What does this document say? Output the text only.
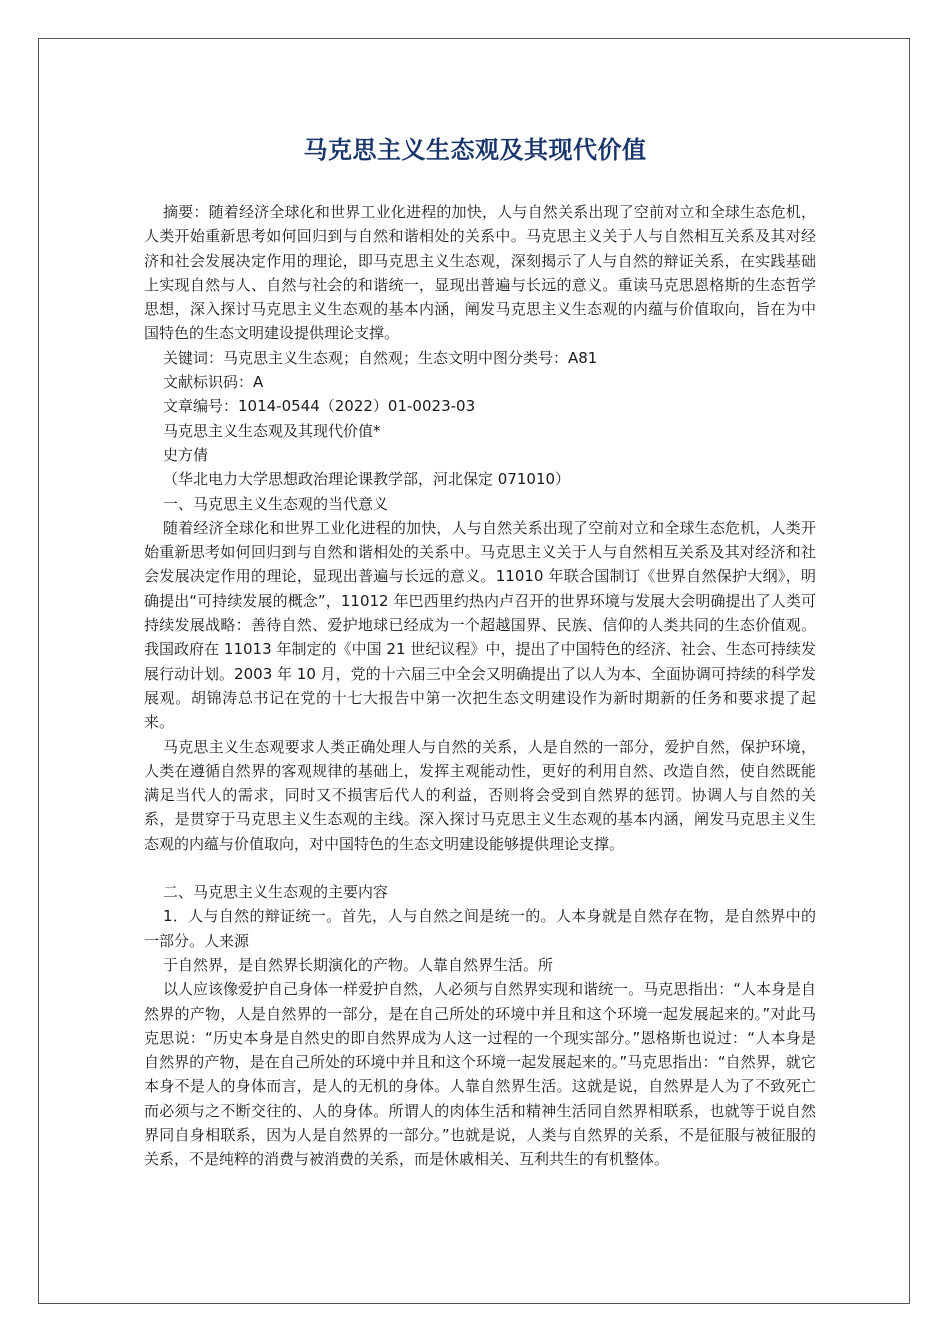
马克思主义生态观及其现代价值

摘要：随着经济全球化和世界工业化进程的加快，人与自然关系出现了空前对立和全球生态危机，人类开始重新思考如何回归到与自然和谐相处的关系中。马克思主义关于人与自然相互关系及其对经济和社会发展决定作用的理论，即马克思主义生态观，深刻揭示了人与自然的辩证关系，在实践基础上实现自然与人、自然与社会的和谐统一，显现出普遍与长远的意义。重读马克思恩格斯的生态哲学思想，深入探讨马克思主义生态观的基本内涵，阐发马克思主义生态观的内蕴与价值取向，旨在为中国特色的生态文明建设提供理论支撑。

关键词：马克思主义生态观；自然观；生态文明中图分类号：A81

文献标识码：A

文章编号：1014-0544（2022）01-0023-03

马克思主义生态观及其现代价值*

史方倩

（华北电力大学思想政治理论课教学部，河北保定 071010）

一、马克思主义生态观的当代意义

随着经济全球化和世界工业化进程的加快，人与自然关系出现了空前对立和全球生态危机，人类开始重新思考如何回归到与自然和谐相处的关系中。马克思主义关于人与自然相互关系及其对经济和社会发展决定作用的理论，显现出普遍与长远的意义。11010 年联合国制订《世界自然保护大纲》，明确提出“可持续发展的概念”，11012 年巴西里约热内卢召开的世界环境与发展大会明确提出了人类可持续发展战略：善待自然、爱护地球已经成为一个超越国界、民族、信仰的人类共同的生态价值观。我国政府在 11013 年制定的《中国 21 世纪议程》中，提出了中国特色的经济、社会、生态可持续发展行动计划。2003 年 10 月，党的十六届三中全会又明确提出了以人为本、全面协调可持续的科学发展观。胡锦涛总书记在党的十七大报告中第一次把生态文明建设作为新时期新的任务和要求提了起来。

马克思主义生态观要求人类正确处理人与自然的关系，人是自然的一部分，爱护自然，保护环境，人类在遵循自然界的客观规律的基础上，发挥主观能动性，更好的利用自然、改造自然，使自然既能满足当代人的需求，同时又不损害后代人的利益，否则将会受到自然界的惩罚。协调人与自然的关系，是贯穿于马克思主义生态观的主线。深入探讨马克思主义生态观的基本内涵，阐发马克思主义生态观的内蕴与价值取向，对中国特色的生态文明建设能够提供理论支撑。

二、马克思主义生态观的主要内容

1．人与自然的辩证统一。首先，人与自然之间是统一的。人本身就是自然存在物，是自然界中的一部分。人来源

于自然界，是自然界长期演化的产物。人靠自然界生活。所

以人应该像爱护自己身体一样爱护自然，人必须与自然界实现和谐统一。马克思指出：“人本身是自然界的产物，人是自然界的一部分，是在自己所处的环境中并且和这个环境一起发展起来的。”对此马克思说：“历史本身是自然史的即自然界成为人这一过程的一个现实部分。”恩格斯也说过：“人本身是自然界的产物，是在自己所处的环境中并且和这个环境一起发展起来的。”马克思指出：“自然界，就它本身不是人的身体而言，是人的无机的身体。人靠自然界生活。这就是说，自然界是人为了不致死亡而必须与之不断交往的、人的身体。所谓人的肉体生活和精神生活同自然界相联系，也就等于说自然界同自身相联系，因为人是自然界的一部分。”也就是说，人类与自然界的关系，不是征服与被征服的关系，不是纯粹的消费与被消费的关系，而是休戚相关、互利共生的有机整体。
